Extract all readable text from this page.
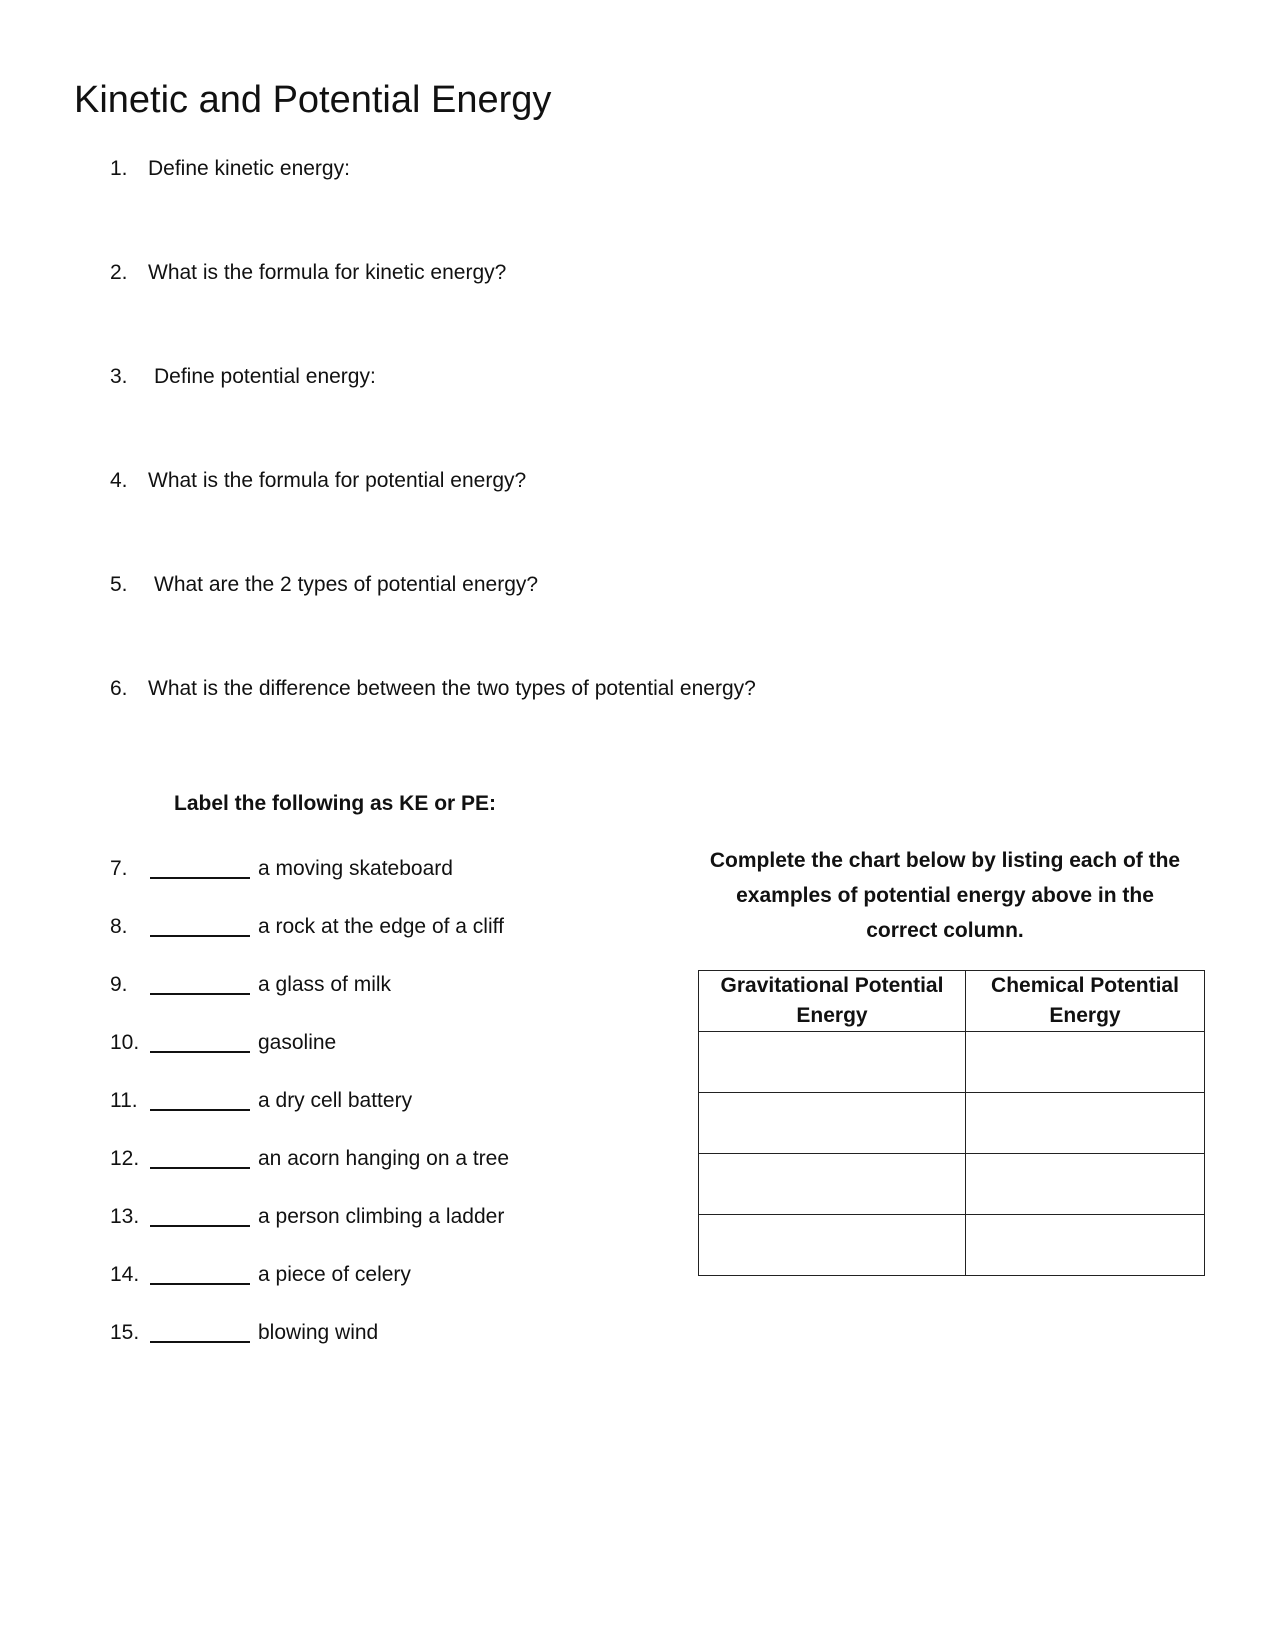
Kinetic and Potential Energy
1. Define kinetic energy:
2. What is the formula for kinetic energy?
3. Define potential energy:
4. What is the formula for potential energy?
5. What are the 2 types of potential energy?
6. What is the difference between the two types of potential energy?
Label the following as KE or PE:
7.	a moving skateboard
8.	a rock at the edge of a cliff
9.	a glass of milk
10.	gasoline
11.	a dry cell battery
12.	an acorn hanging on a tree
13.	a person climbing a ladder
14.	a piece of celery
15.	blowing wind
Complete the chart below by listing each of the examples of potential energy above in the correct column.
Gravitational Potential Energy	Chemical Potential Energy
